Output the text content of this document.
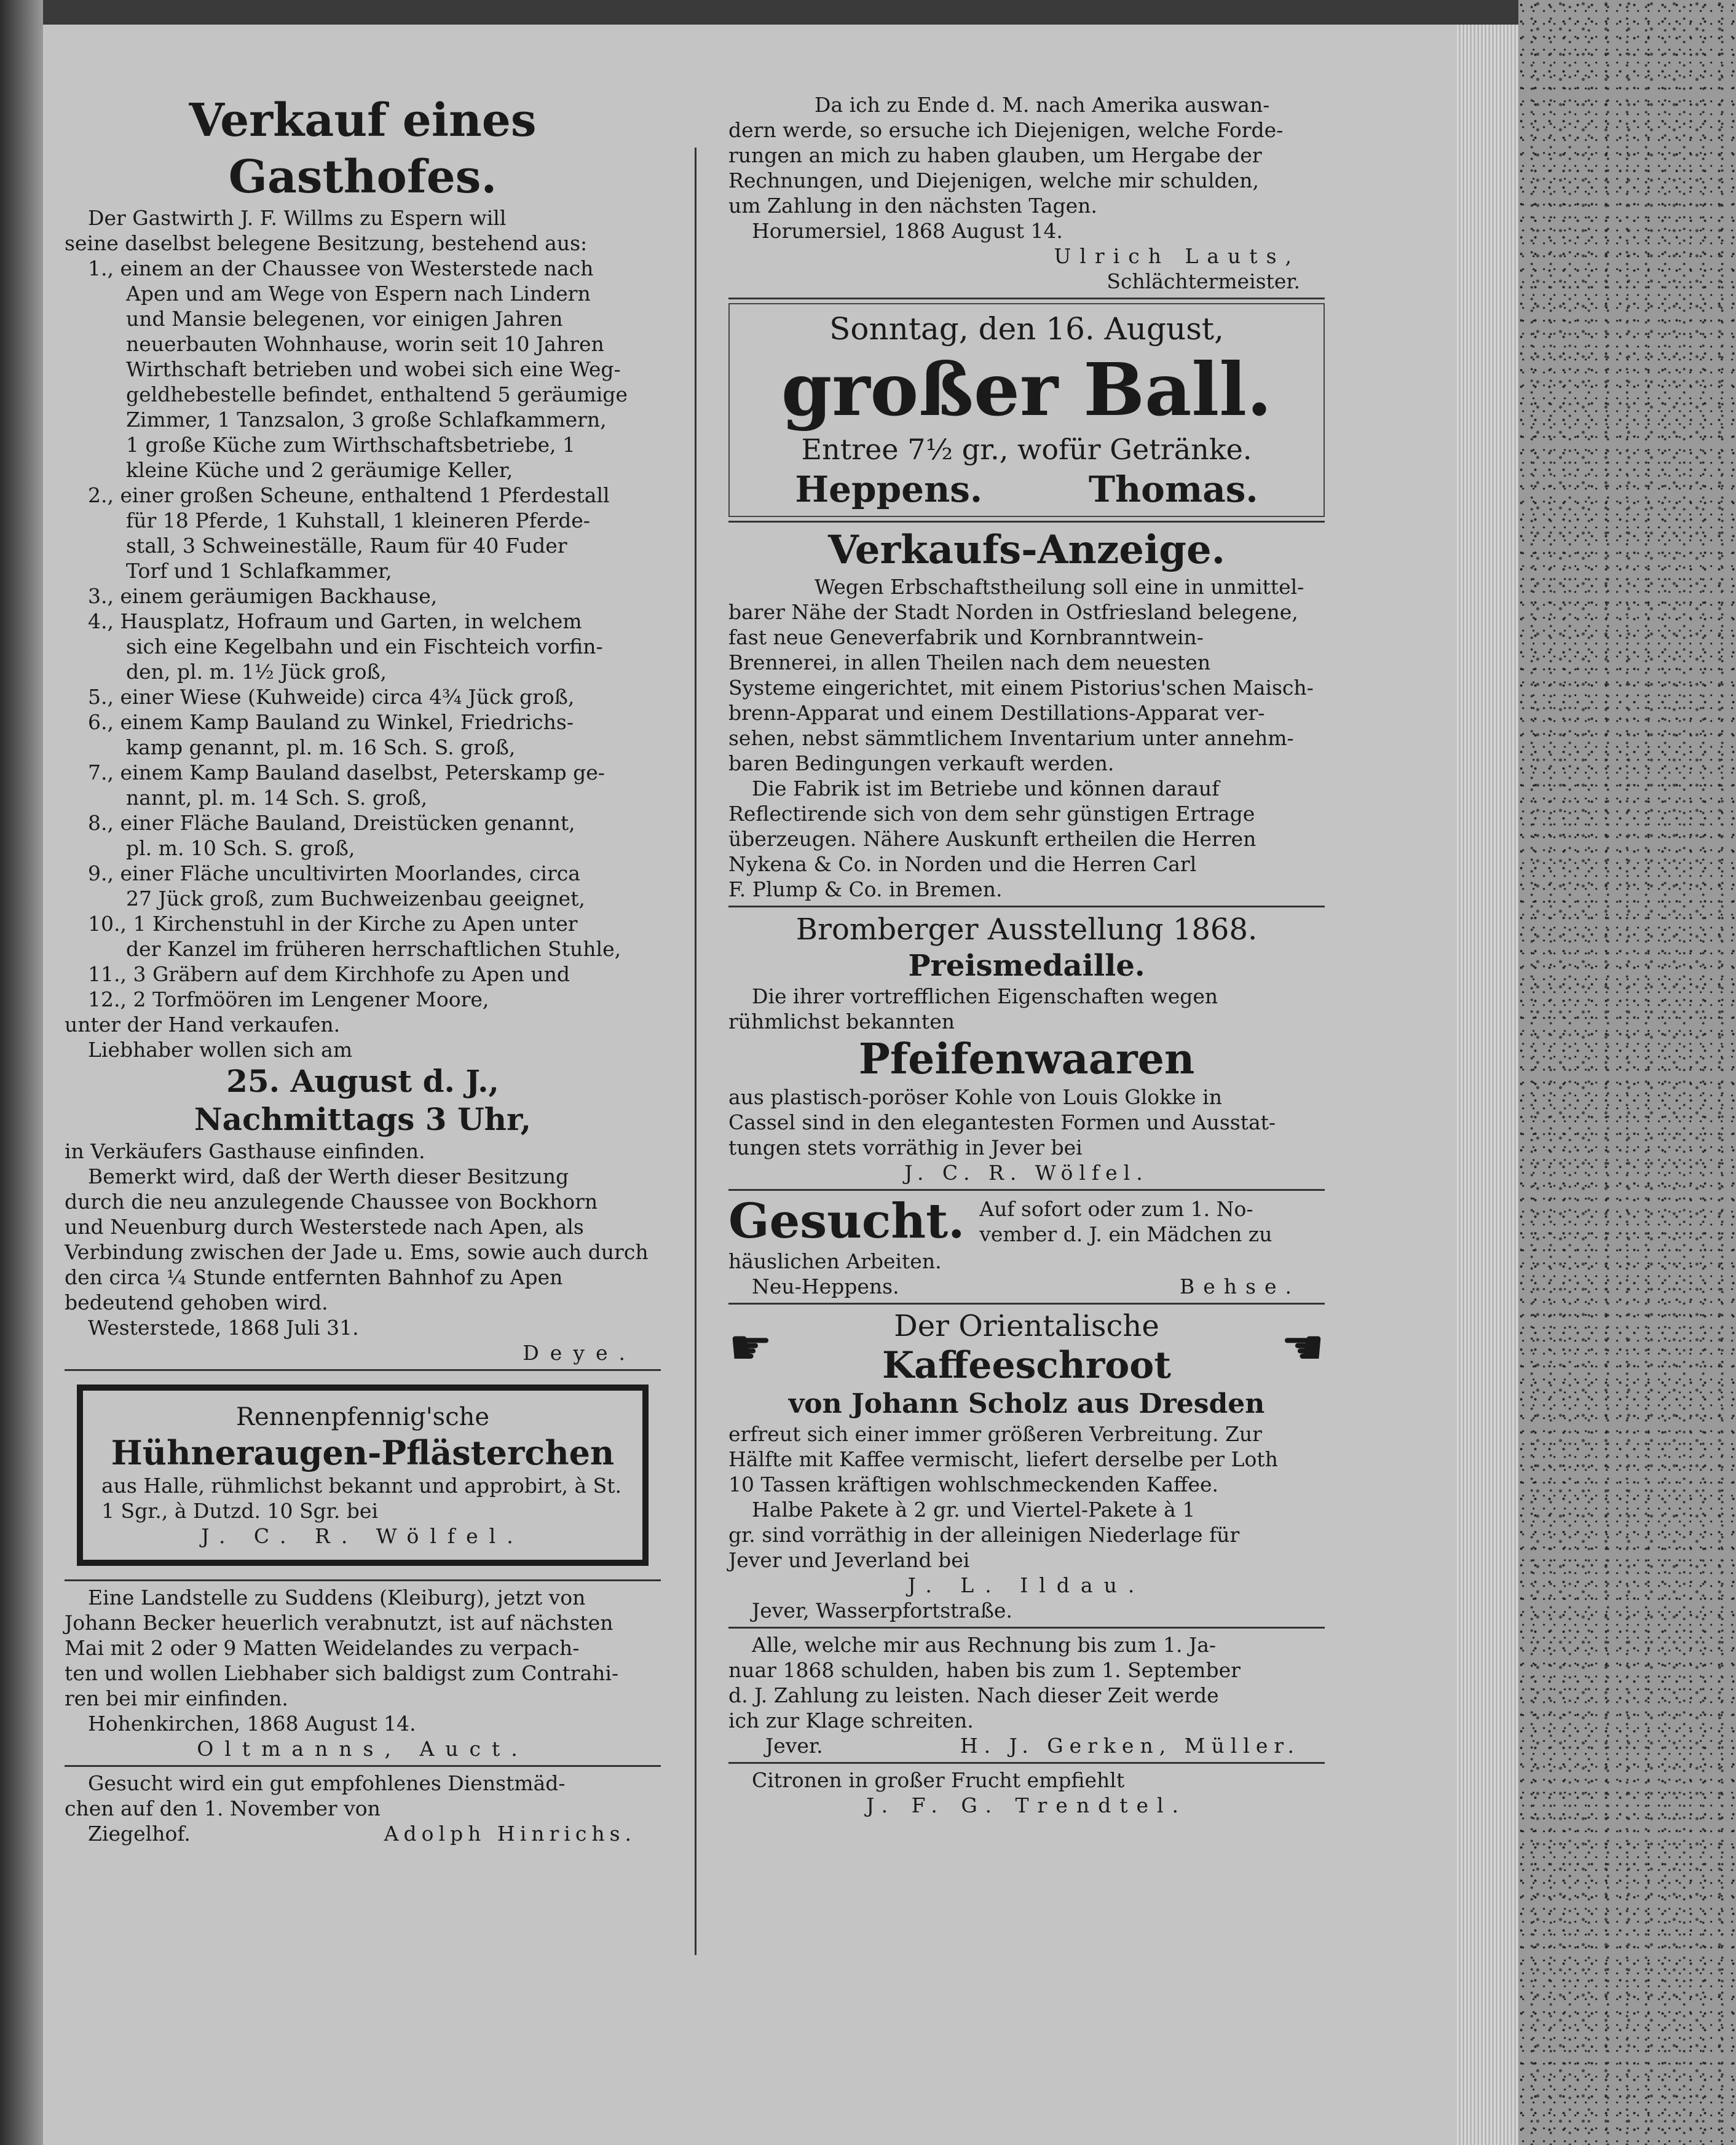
Verkauf eines Gasthofes.
Der Gastwirth J. F. Willms zu Espern will
seine daselbst belegene Besitzung, bestehend aus:
1., einem an der Chaussee von Westerstede nach
Apen und am Wege von Espern nach Lindern
und Mansie belegenen, vor einigen Jahren
neuerbauten Wohnhause, worin seit 10 Jahren
Wirthschaft betrieben und wobei sich eine Weg-
geldhebestelle befindet, enthaltend 5 geräumige
Zimmer, 1 Tanzsalon, 3 große Schlafkammern,
1 große Küche zum Wirthschaftsbetriebe, 1
kleine Küche und 2 geräumige Keller,
2., einer großen Scheune, enthaltend 1 Pferdestall
für 18 Pferde, 1 Kuhstall, 1 kleineren Pferde-
stall, 3 Schweineställe, Raum für 40 Fuder
Torf und 1 Schlafkammer,
3., einem geräumigen Backhause,
4., Hausplatz, Hofraum und Garten, in welchem
sich eine Kegelbahn und ein Fischteich vorfin-
den, pl. m. 1½ Jück groß,
5., einer Wiese (Kuhweide) circa 4¾ Jück groß,
6., einem Kamp Bauland zu Winkel, Friedrichs-
kamp genannt, pl. m. 16 Sch. S. groß,
7., einem Kamp Bauland daselbst, Peterskamp ge-
nannt, pl. m. 14 Sch. S. groß,
8., einer Fläche Bauland, Dreistücken genannt,
pl. m. 10 Sch. S. groß,
9., einer Fläche uncultivirten Moorlandes, circa
27 Jück groß, zum Buchweizenbau geeignet,
10., 1 Kirchenstuhl in der Kirche zu Apen unter
der Kanzel im früheren herrschaftlichen Stuhle,
11., 3 Gräbern auf dem Kirchhofe zu Apen und
12., 2 Torfmöören im Lengener Moore,
unter der Hand verkaufen.
Liebhaber wollen sich am
25. August d. J.,
Nachmittags 3 Uhr,
in Verkäufers Gasthause einfinden.
Bemerkt wird, daß der Werth dieser Besitzung
durch die neu anzulegende Chaussee von Bockhorn
und Neuenburg durch Westerstede nach Apen, als
Verbindung zwischen der Jade u. Ems, sowie auch durch
den circa ¼ Stunde entfernten Bahnhof zu Apen
bedeutend gehoben wird.
Westerstede, 1868 Juli 31.
Deye.
Rennenpfennig'sche
Hühneraugen-Pflästerchen
aus Halle, rühmlichst bekannt und approbirt, à St.
1 Sgr., à Dutzd. 10 Sgr. bei
J. C. R. Wölfel.
Eine Landstelle zu Suddens (Kleiburg), jetzt von
Johann Becker heuerlich verabnutzt, ist auf nächsten
Mai mit 2 oder 9 Matten Weidelandes zu verpach-
ten und wollen Liebhaber sich baldigst zum Contrahi-
ren bei mir einfinden.
Hohenkirchen, 1868 August 14.
Oltmanns, Auct.
Gesucht wird ein gut empfohlenes Dienstmäd-
chen auf den 1. November von
Ziegelhof.	Adolph Hinrichs.
Da ich zu Ende d. M. nach Amerika auswan-
dern werde, so ersuche ich Diejenigen, welche Forde-
rungen an mich zu haben glauben, um Hergabe der
Rechnungen, und Diejenigen, welche mir schulden,
um Zahlung in den nächsten Tagen.
Horumersiel, 1868 August 14.
Ulrich Lauts,
Schlächtermeister.
Sonntag, den 16. August,
großer Ball.
Entree 7½ gr., wofür Getränke.
Heppens.	Thomas.
Verkaufs-Anzeige.
Wegen Erbschaftstheilung soll eine in unmittel-
barer Nähe der Stadt Norden in Ostfriesland belegene,
fast neue Geneverfabrik und Kornbranntwein-
Brennerei, in allen Theilen nach dem neuesten
Systeme eingerichtet, mit einem Pistorius'schen Maisch-
brenn-Apparat und einem Destillations-Apparat ver-
sehen, nebst sämmtlichem Inventarium unter annehm-
baren Bedingungen verkauft werden.
Die Fabrik ist im Betriebe und können darauf
Reflectirende sich von dem sehr günstigen Ertrage
überzeugen. Nähere Auskunft ertheilen die Herren
Nykena & Co. in Norden und die Herren Carl
F. Plump & Co. in Bremen.
Bromberger Ausstellung 1868.
Preismedaille.
Die ihrer vortrefflichen Eigenschaften wegen
rühmlichst bekannten
Pfeifenwaaren
aus plastisch-poröser Kohle von Louis Glokke in
Cassel sind in den elegantesten Formen und Ausstat-
tungen stets vorräthig in Jever bei
J. C. R. Wölfel.
Gesucht. Auf sofort oder zum 1. No-
vember d. J. ein Mädchen zu
häuslichen Arbeiten.
Neu-Heppens.	Behse.
☛	Der Orientalische
Kaffeeschroot ☚
von Johann Scholz aus Dresden
erfreut sich einer immer größeren Verbreitung. Zur
Hälfte mit Kaffee vermischt, liefert derselbe per Loth
10 Tassen kräftigen wohlschmeckenden Kaffee.
Halbe Pakete à 2 gr. und Viertel-Pakete à 1
gr. sind vorräthig in der alleinigen Niederlage für
Jever und Jeverland bei
J. L. Ildau.
Jever, Wasserpfortstraße.
Alle, welche mir aus Rechnung bis zum 1. Ja-
nuar 1868 schulden, haben bis zum 1. September
d. J. Zahlung zu leisten. Nach dieser Zeit werde
ich zur Klage schreiten.
Jever.	H. J. Gerken, Müller.
Citronen in großer Frucht empfiehlt
J. F. G. Trendtel.
